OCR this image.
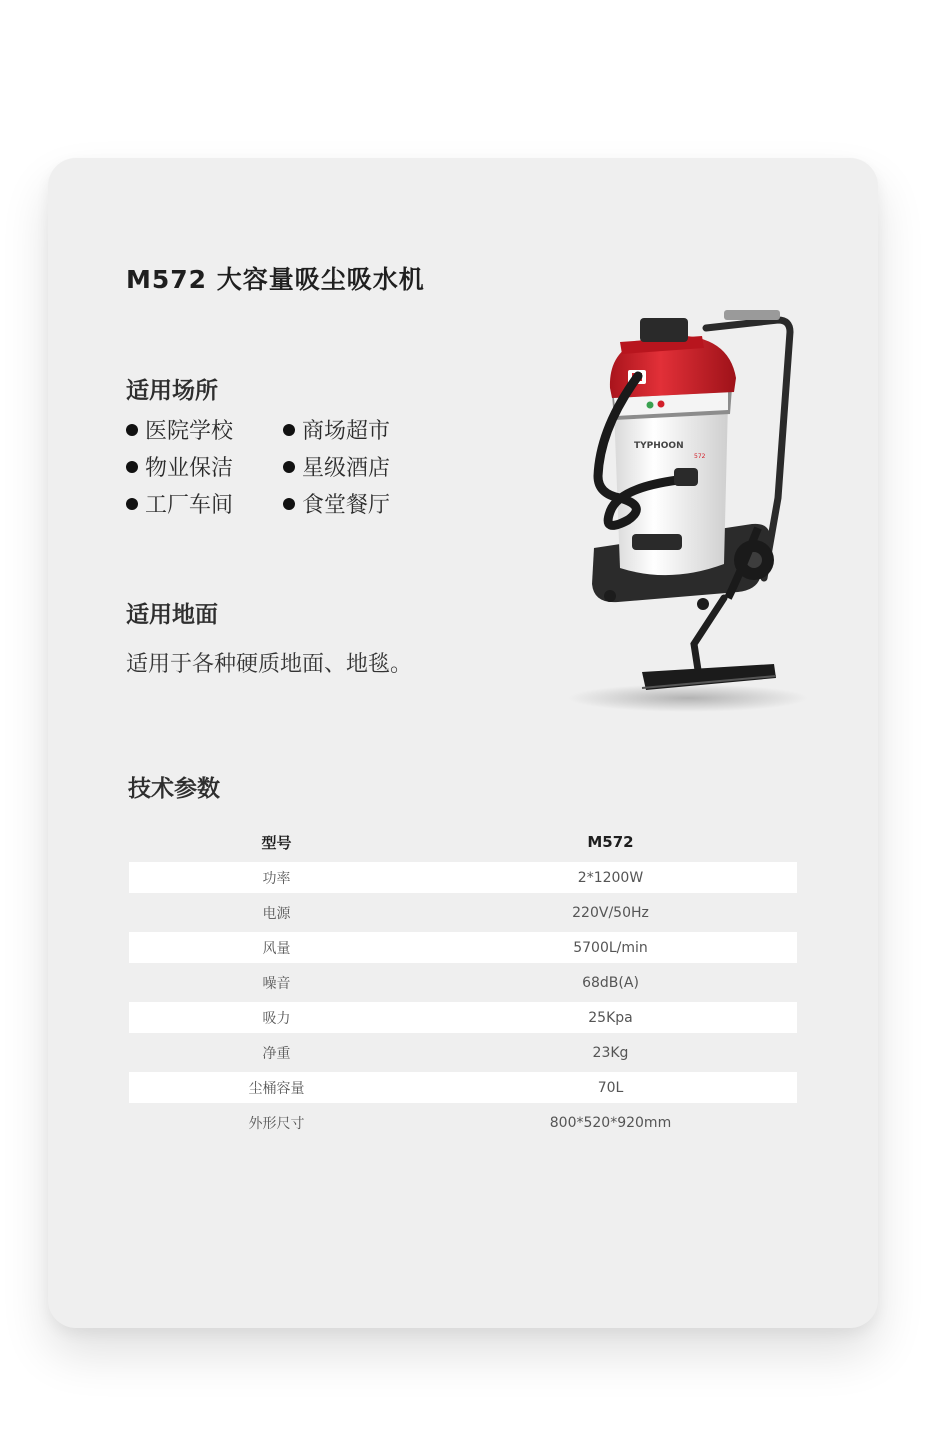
M572 大容量吸尘吸水机
适用场所
医院学校	商场超市
物业保洁	星级酒店
工厂车间	食堂餐厅
适用地面
适用于各种硬质地面、地毯。
TYPHOON
572
技术参数
型号	M572
功率	2*1200W
电源	220V/50Hz
风量	5700L/min
噪音	68dB(A)
吸力	25Kpa
净重	23Kg
尘桶容量	70L
外形尺寸	800*520*920mm
